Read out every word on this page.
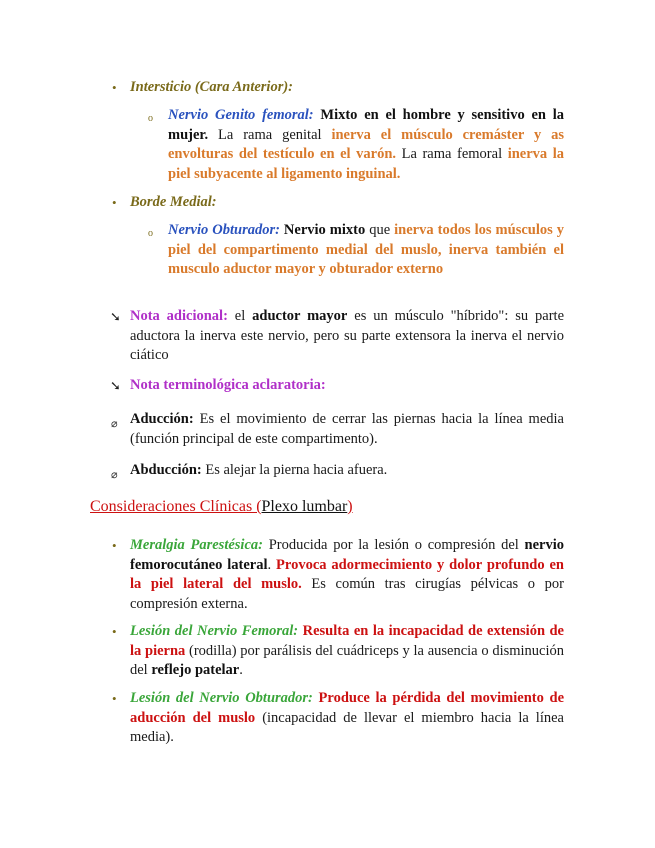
• Intersticio (Cara Anterior):

o Nervio Genito femoral: Mixto en el hombre y sensitivo en la mujer. La rama genital inerva el músculo cremáster y as envolturas del testículo en el varón. La rama femoral inerva la piel subyacente al ligamento inguinal.

• Borde Medial:

o Nervio Obturador: Nervio mixto que inerva todos los músculos y piel del compartimento medial del muslo, inerva también el musculo aductor mayor y obturador externo

➘ Nota adicional: el aductor mayor es un músculo "híbrido": su parte aductora la inerva este nervio, pero su parte extensora la inerva el nervio ciático

➘ Nota terminológica aclaratoria:

⌀ Aducción: Es el movimiento de cerrar las piernas hacia la línea media (función principal de este compartimento).

⌀ Abducción: Es alejar la pierna hacia afuera.

Consideraciones Clínicas (Plexo lumbar)

• Meralgia Parestésica: Producida por la lesión o compresión del nervio femorocutáneo lateral. Provoca adormecimiento y dolor profundo en la piel lateral del muslo. Es común tras cirugías pélvicas o por compresión externa.

• Lesión del Nervio Femoral: Resulta en la incapacidad de extensión de la pierna (rodilla) por parálisis del cuádriceps y la ausencia o disminución del reflejo patelar.

• Lesión del Nervio Obturador: Produce la pérdida del movimiento de aducción del muslo (incapacidad de llevar el miembro hacia la línea media).
